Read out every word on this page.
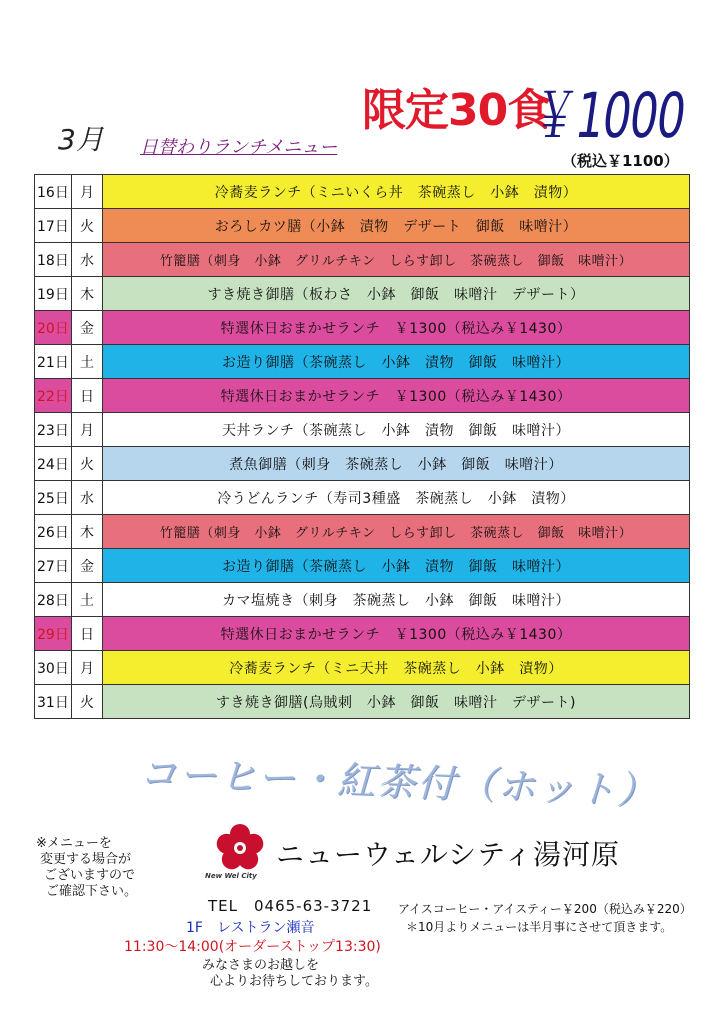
3月 日替わりランチメニュー
限定30食
￥1000
（税込￥1100）
16日	月	冷蕎麦ランチ（ミニいくら丼　茶碗蒸し　小鉢　漬物）
17日	火	おろしカツ膳（小鉢　漬物　デザート　御飯　味噌汁）
18日	水	竹籠膳（刺身　小鉢　グリルチキン　しらす卸し　茶碗蒸し　御飯　味噌汁）
19日	木	すき焼き御膳（板わさ　小鉢　御飯　味噌汁　デザート）
20日	金	特選休日おまかせランチ　￥1300（税込み￥1430）
21日	土	お造り御膳（茶碗蒸し　小鉢　漬物　御飯　味噌汁）
22日	日	特選休日おまかせランチ　￥1300（税込み￥1430）
23日	月	天丼ランチ（茶碗蒸し　小鉢　漬物　御飯　味噌汁）
24日	火	煮魚御膳（刺身　茶碗蒸し　小鉢　御飯　味噌汁）
25日	水	冷うどんランチ（寿司3種盛　茶碗蒸し　小鉢　漬物）
26日	木	竹籠膳（刺身　小鉢　グリルチキン　しらす卸し　茶碗蒸し　御飯　味噌汁）
27日	金	お造り御膳（茶碗蒸し　小鉢　漬物　御飯　味噌汁）
28日	土	カマ塩焼き（刺身　茶碗蒸し　小鉢　御飯　味噌汁）
29日	日	特選休日おまかせランチ　￥1300（税込み￥1430）
30日	月	冷蕎麦ランチ（ミニ天丼　茶碗蒸し　小鉢　漬物）
31日	火	すき焼き御膳(烏賊刺　小鉢　御飯　味噌汁　デザート)
コーヒー・紅茶付（ホット）
※メニューを
変更する場合が
ございますので
ご確認下さい。
New Wel City
ニューウェルシティ湯河原
TEL　0465-63-3721
1F　レストラン瀬音
11:30～14:00(オーダーストップ13:30)
みなさまのお越しを
心よりお待ちしております。
アイスコーヒー・アイスティー￥200（税込み￥220）
＊10月よりメニューは半月事にさせて頂きます。
